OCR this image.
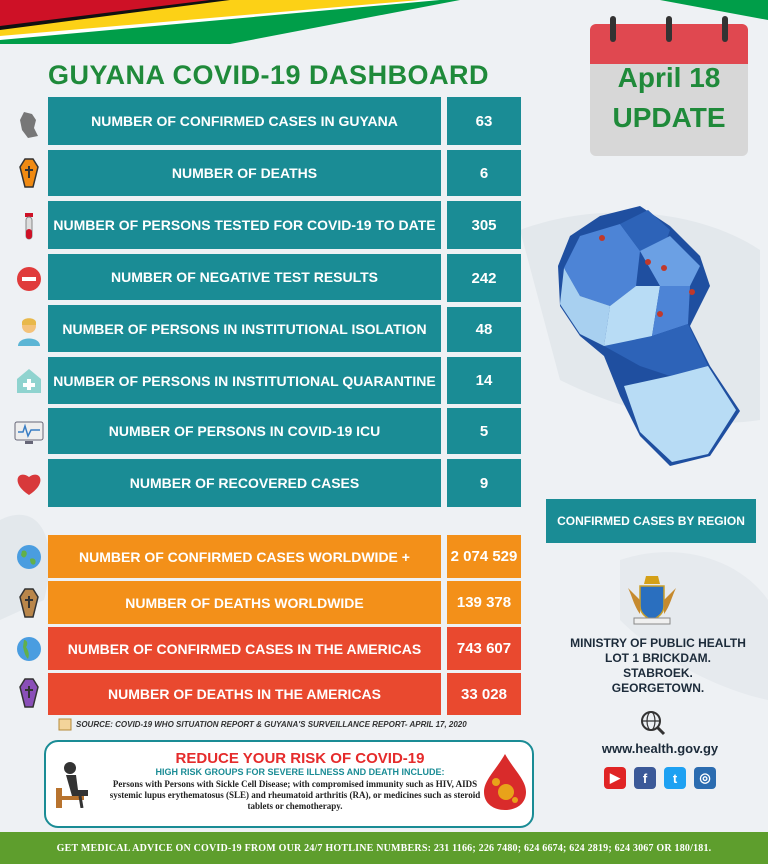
GUYANA COVID-19 DASHBOARD	April 18
UPDATE
NUMBER OF CONFIRMED CASES IN GUYANA	63
NUMBER OF DEATHS	6
NUMBER OF PERSONS TESTED FOR COVID-19 TO DATE	305
NUMBER OF NEGATIVE TEST RESULTS	242
NUMBER OF PERSONS IN INSTITUTIONAL ISOLATION	48
NUMBER OF PERSONS IN INSTITUTIONAL QUARANTINE	14
NUMBER OF PERSONS IN COVID-19 ICU	5
NUMBER OF RECOVERED CASES	9
NUMBER OF CONFIRMED CASES WORLDWIDE +	2 074 529
NUMBER OF DEATHS WORLDWIDE	139 378
NUMBER OF CONFIRMED CASES IN THE AMERICAS	743 607
NUMBER OF DEATHS IN THE AMERICAS	33 028
SOURCE: COVID-19 WHO SITUATION REPORT & GUYANA'S SURVEILLANCE REPORT- APRIL 17, 2020
CONFIRMED CASES BY REGION
MINISTRY OF PUBLIC HEALTH
LOT 1 BRICKDAM.
STABROEK.
GEORGETOWN.
www.health.gov.gy
▶	f	t	◎
REDUCE YOUR RISK OF COVID-19
HIGH RISK GROUPS FOR SEVERE ILLNESS AND DEATH INCLUDE:
Persons with Persons with Sickle Cell Disease; with compromised immunity such as HIV, AIDS systemic lupus erythematosus (SLE) and rheumatoid arthritis (RA), or medicines such as steroid tablets or chemotherapy.
GET MEDICAL ADVICE ON COVID-19 FROM OUR 24/7 HOTLINE NUMBERS: 231 1166; 226 7480; 624 6674; 624 2819; 624 3067 OR 180/181.
